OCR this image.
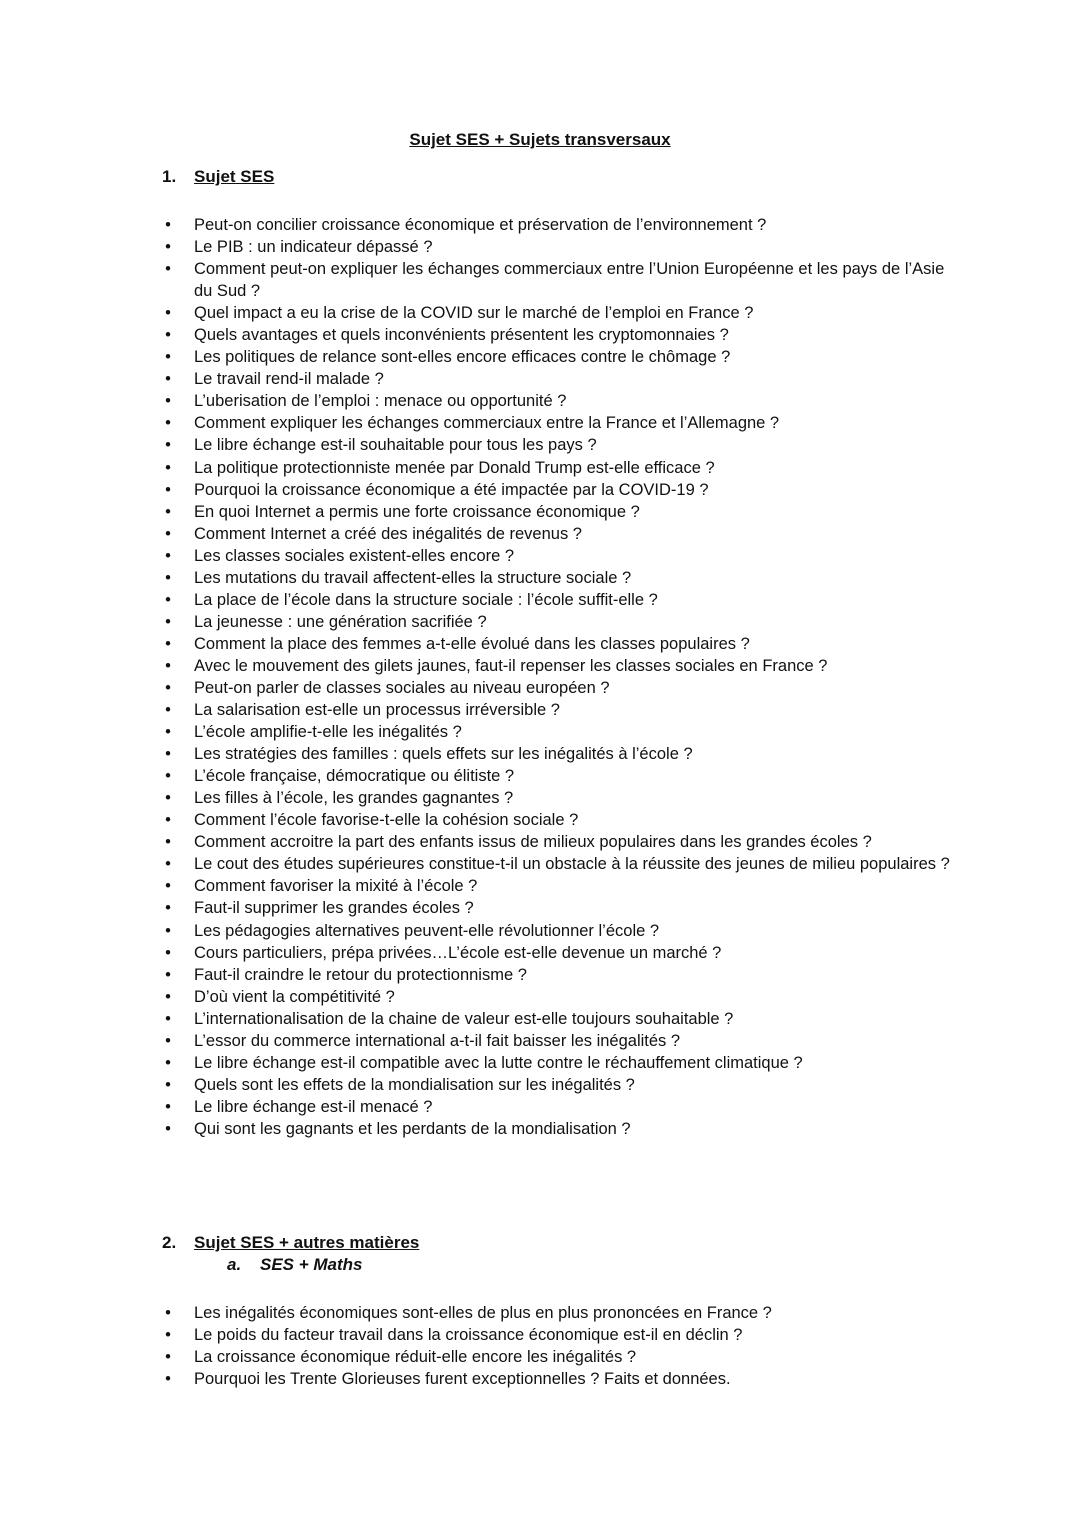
Sujet SES + Sujets transversaux
1. Sujet SES
• Peut-on concilier croissance économique et préservation de l’environnement ?
• Le PIB : un indicateur dépassé ?
• Comment peut-on expliquer les échanges commerciaux entre l’Union Européenne et les pays de l’Asie du Sud ?
• Quel impact a eu la crise de la COVID sur le marché de l’emploi en France ?
• Quels avantages et quels inconvénients présentent les cryptomonnaies ?
• Les politiques de relance sont-elles encore efficaces contre le chômage ?
• Le travail rend-il malade ?
• L’uberisation de l’emploi : menace ou opportunité ?
• Comment expliquer les échanges commerciaux entre la France et l’Allemagne ?
• Le libre échange est-il souhaitable pour tous les pays ?
• La politique protectionniste menée par Donald Trump est-elle efficace ?
• Pourquoi la croissance économique a été impactée par la COVID-19 ?
• En quoi Internet a permis une forte croissance économique ?
• Comment Internet a créé des inégalités de revenus ?
• Les classes sociales existent-elles encore ?
• Les mutations du travail affectent-elles la structure sociale ?
• La place de l’école dans la structure sociale : l’école suffit-elle ?
• La jeunesse : une génération sacrifiée ?
• Comment la place des femmes a-t-elle évolué dans les classes populaires ?
• Avec le mouvement des gilets jaunes, faut-il repenser les classes sociales en France ?
• Peut-on parler de classes sociales au niveau européen ?
• La salarisation est-elle un processus irréversible ?
• L’école amplifie-t-elle les inégalités ?
• Les stratégies des familles : quels effets sur les inégalités à l’école ?
• L’école française, démocratique ou élitiste ?
• Les filles à l’école, les grandes gagnantes ?
• Comment l’école favorise-t-elle la cohésion sociale ?
• Comment accroitre la part des enfants issus de milieux populaires dans les grandes écoles ?
• Le cout des études supérieures constitue-t-il un obstacle à la réussite des jeunes de milieu populaires ?
• Comment favoriser la mixité à l’école ?
• Faut-il supprimer les grandes écoles ?
• Les pédagogies alternatives peuvent-elle révolutionner l’école ?
• Cours particuliers, prépa privées…L’école est-elle devenue un marché ?
• Faut-il craindre le retour du protectionnisme ?
• D’où vient la compétitivité ?
• L’internationalisation de la chaine de valeur est-elle toujours souhaitable ?
• L’essor du commerce international a-t-il fait baisser les inégalités ?
• Le libre échange est-il compatible avec la lutte contre le réchauffement climatique ?
• Quels sont les effets de la mondialisation sur les inégalités ?
• Le libre échange est-il menacé ?
• Qui sont les gagnants et les perdants de la mondialisation ?
2. Sujet SES + autres matières
a. SES + Maths
• Les inégalités économiques sont-elles de plus en plus prononcées en France ?
• Le poids du facteur travail dans la croissance économique est-il en déclin ?
• La croissance économique réduit-elle encore les inégalités ?
• Pourquoi les Trente Glorieuses furent exceptionnelles ? Faits et données.
